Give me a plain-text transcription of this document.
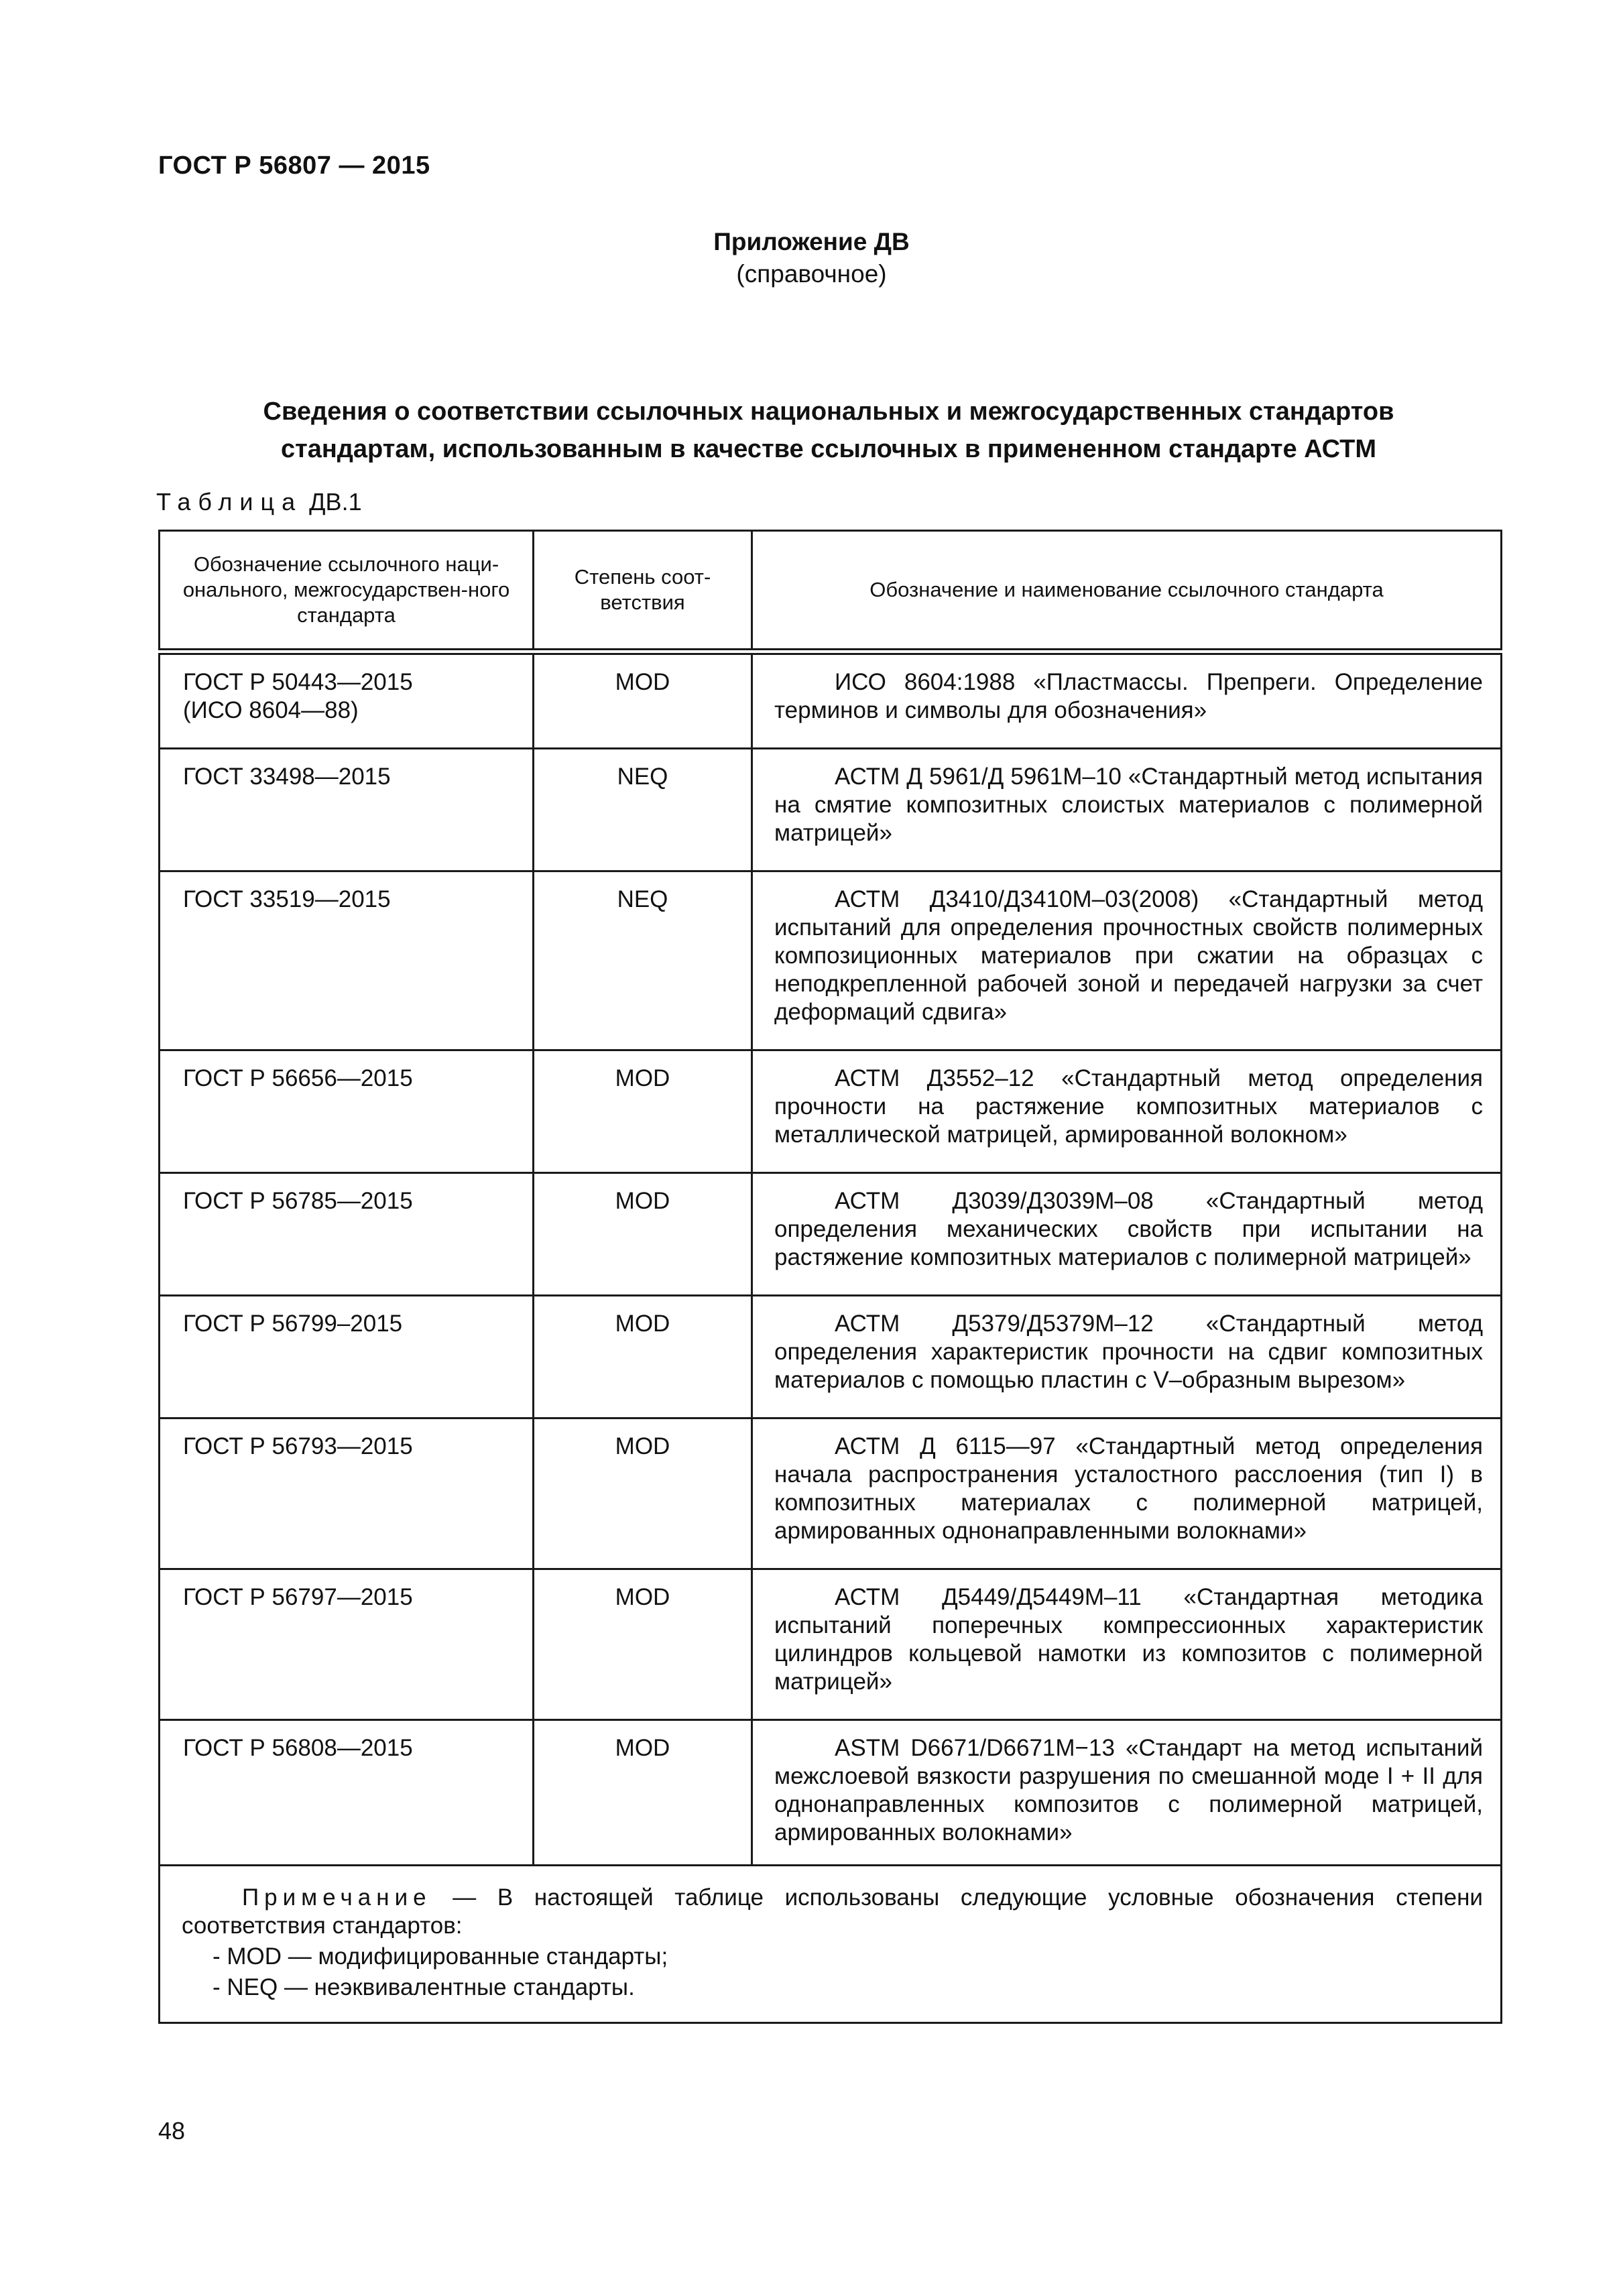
ГОСТ Р 56807 — 2015
Приложение ДВ
(справочное)
Сведения о соответствии ссылочных национальных и межгосударственных стандартов
стандартам, использованным в качестве ссылочных в примененном стандарте АСТМ
Таблица ДВ.1
Обозначение ссылочного наци-онального, межгосударствен-ного стандарта	Степень соот-ветствия	Обозначение и наименование ссылочного стандарта

ГОСТ Р 50443—2015
(ИСО 8604—88)	MOD	ИСО 8604:1988 «Пластмассы. Препреги. Определение терминов и символы для обозначения»
ГОСТ 33498—2015	NEQ	АСТМ Д 5961/Д 5961М–10 «Стандартный метод испытания на смятие композитных слоистых материалов с полимерной матрицей»
ГОСТ 33519—2015	NEQ	АСТМ Д3410/Д3410М–03(2008) «Стандартный метод испытаний для определения прочностных свойств полимерных композиционных материалов при сжатии на образцах с неподкрепленной рабочей зоной и передачей нагрузки за счет деформаций сдвига»
ГОСТ Р 56656—2015	MOD	АСТМ Д3552–12 «Стандартный метод определения прочности на растяжение композитных материалов с металлической матрицей, армированной волокном»
ГОСТ Р 56785—2015	MOD	АСТМ Д3039/Д3039М–08 «Стандартный метод определения механических свойств при испытании на растяжение композитных материалов с полимерной матрицей»
ГОСТ Р 56799–2015	MOD	АСТМ Д5379/Д5379М–12 «Стандартный метод определения характеристик прочности на сдвиг композитных материалов с помощью пластин с V–образным вырезом»
ГОСТ Р 56793—2015	MOD	АСТМ Д 6115—97 «Стандартный метод определения начала распространения усталостного расслоения (тип I) в композитных материалах с полимерной матрицей, армированных однонаправленными волокнами»
ГОСТ Р 56797—2015	MOD	АСТМ Д5449/Д5449М–11 «Стандартная методика испытаний поперечных компрессионных характеристик цилиндров кольцевой намотки из композитов с полимерной матрицей»
ГОСТ Р 56808—2015	MOD	ASTM D6671/D6671M−13 «Стандарт на метод испытаний межслоевой вязкости разрушения по смешанной моде I + II для однонаправленных композитов с полимерной матрицей, армированных волокнами»

Примечание — В настоящей таблице использованы следующие условные обозначения степени соответствия стандартов:
- MOD — модифицированные стандарты;
- NEQ — неэквивалентные стандарты.		
48
